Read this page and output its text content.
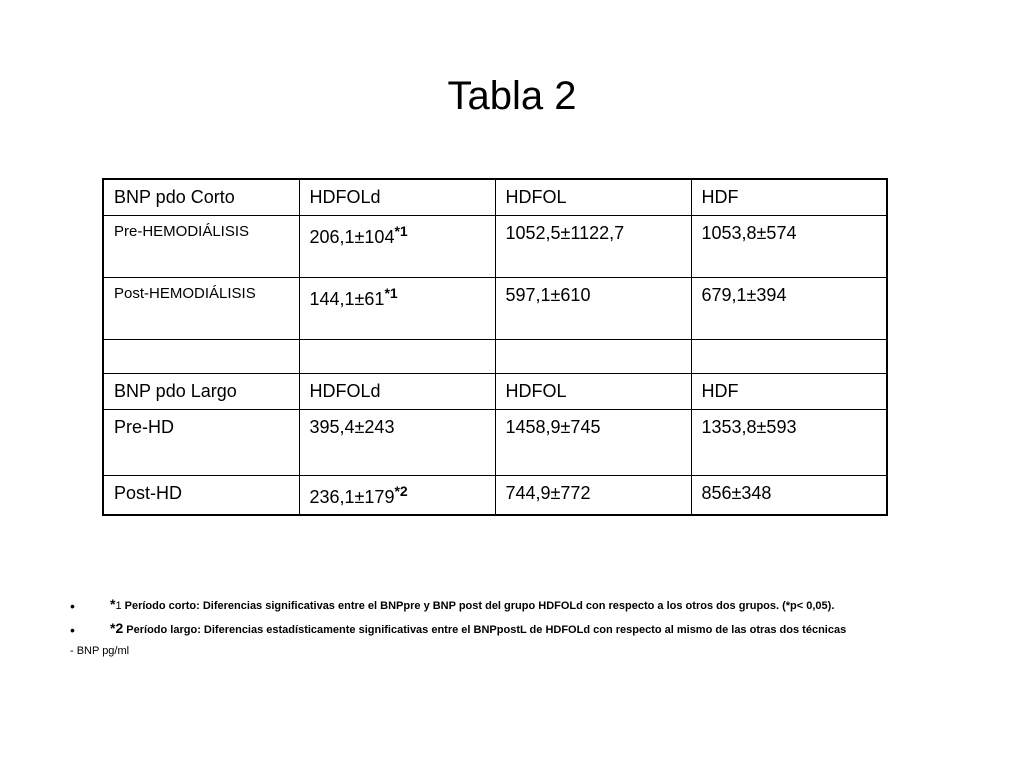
Tabla 2
BNP pdo Corto	HDFOLd	HDFOL	HDF
Pre-HEMODIÁLISIS	$206,1\pm 104^{*1}$	1052,5±1122,7	1053,8±574
Post-HEMODIÁLISIS	$144,1\pm 61^{*1}$	597,1±610	679,1±394

BNP pdo Largo	HDFOLd	HDFOL	HDF
Pre-HD	395,4±243	1458,9±745	1353,8±593
Post-HD	$236,1\pm 179^{*2}$	744,9±772	856±348
•	*1 Período corto: Diferencias significativas entre el BNPpre y BNP post del grupo HDFOLd con respecto a los otros dos grupos. (*p< 0,05).
•	*2 Período largo: Diferencias estadísticamente significativas entre el BNPpostL de HDFOLd con respecto al mismo de las otras dos técnicas
- BNP pg/ml
